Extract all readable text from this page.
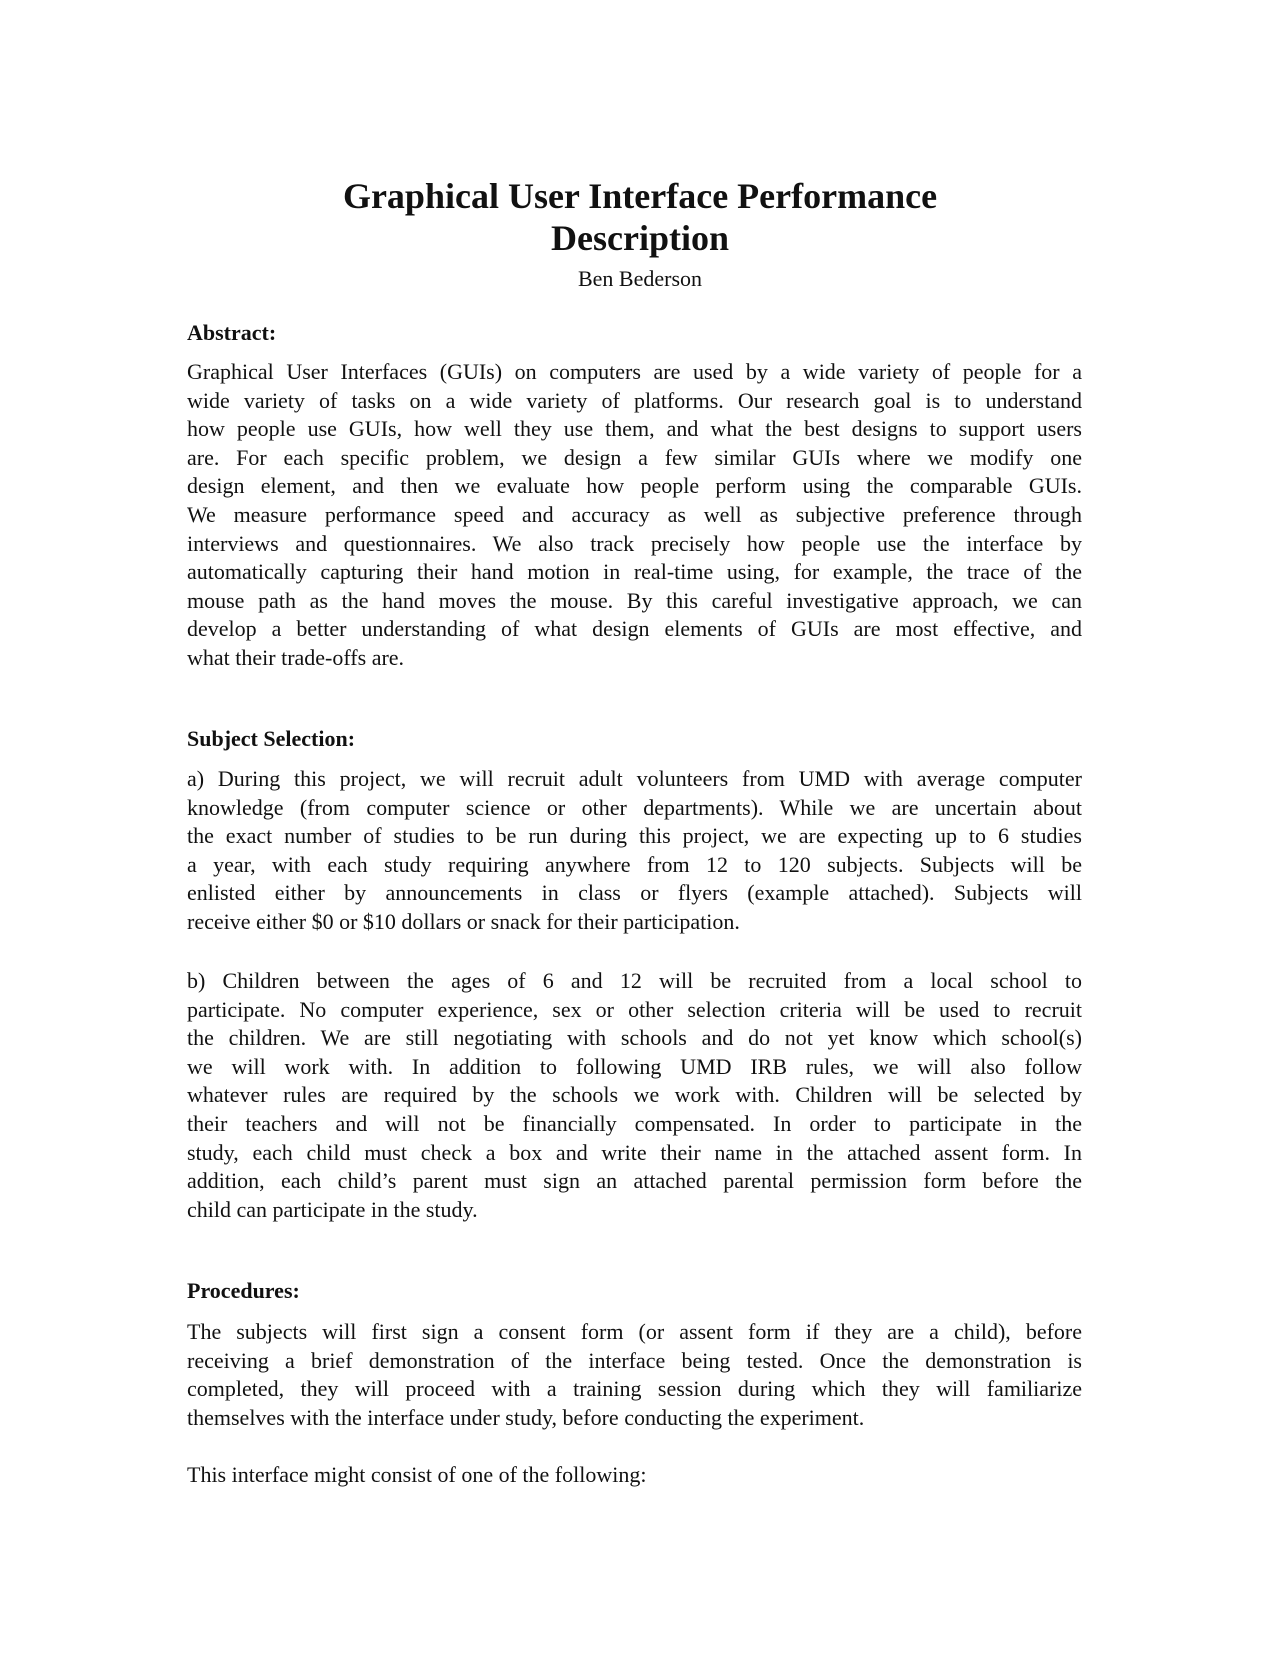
Graphical User Interface Performance
Description
Ben Bederson
Abstract:
Graphical User Interfaces (GUIs) on computers are used by a wide variety of people for a
wide variety of tasks on a wide variety of platforms. Our research goal is to understand
how people use GUIs, how well they use them, and what the best designs to support users
are. For each specific problem, we design a few similar GUIs where we modify one
design element, and then we evaluate how people perform using the comparable GUIs.
We measure performance speed and accuracy as well as subjective preference through
interviews and questionnaires. We also track precisely how people use the interface by
automatically capturing their hand motion in real-time using, for example, the trace of the
mouse path as the hand moves the mouse. By this careful investigative approach, we can
develop a better understanding of what design elements of GUIs are most effective, and
what their trade-offs are.
Subject Selection:
a) During this project, we will recruit adult volunteers from UMD with average computer
knowledge (from computer science or other departments). While we are uncertain about
the exact number of studies to be run during this project, we are expecting up to 6 studies
a year, with each study requiring anywhere from 12 to 120 subjects. Subjects will be
enlisted either by announcements in class or flyers (example attached). Subjects will
receive either $0 or $10 dollars or snack for their participation.
b) Children between the ages of 6 and 12 will be recruited from a local school to
participate. No computer experience, sex or other selection criteria will be used to recruit
the children. We are still negotiating with schools and do not yet know which school(s)
we will work with. In addition to following UMD IRB rules, we will also follow
whatever rules are required by the schools we work with. Children will be selected by
their teachers and will not be financially compensated. In order to participate in the
study, each child must check a box and write their name in the attached assent form. In
addition, each child’s parent must sign an attached parental permission form before the
child can participate in the study.
Procedures:
The subjects will first sign a consent form (or assent form if they are a child), before
receiving a brief demonstration of the interface being tested. Once the demonstration is
completed, they will proceed with a training session during which they will familiarize
themselves with the interface under study, before conducting the experiment.
This interface might consist of one of the following:
